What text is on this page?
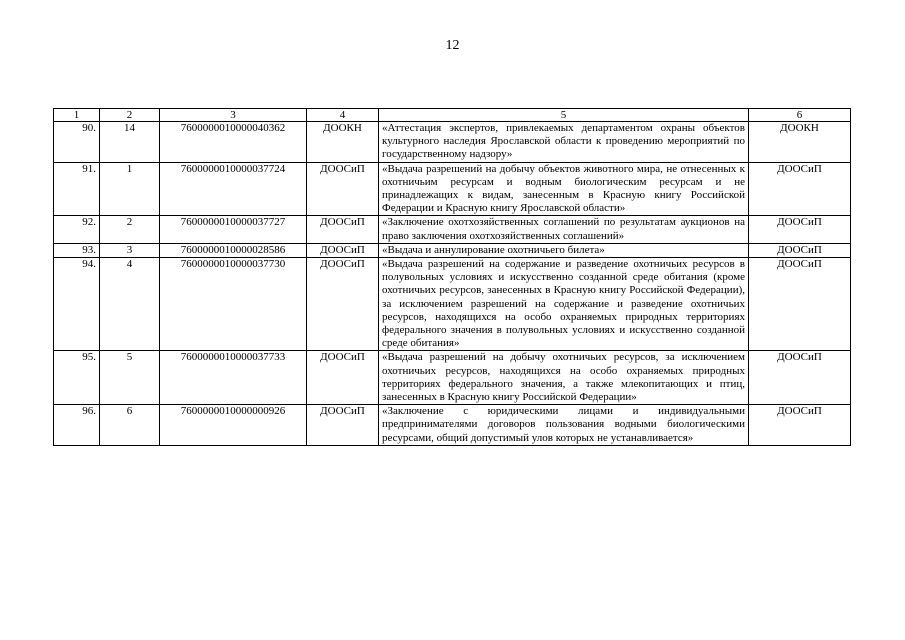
12
1	2	3	4	5	6
90.	14	7600000010000040362	ДООКН	«Аттестация экспертов, привлекаемых департаментом охраны объектов культурного наследия Ярославской области к проведению мероприятий по государственному надзору»	ДООКН
91.	1	7600000010000037724	ДООСиП	«Выдача разрешений на добычу объектов животного мира, не отнесенных к охотничьим ресурсам и водным биологическим ресурсам и не принадлежащих к видам, занесенным в Красную книгу Российской Федерации и Красную книгу Ярославской области»	ДООСиП
92.	2	7600000010000037727	ДООСиП	«Заключение охотхозяйственных соглашений по результатам аукционов на право заключения охотхозяйственных соглашений»	ДООСиП
93.	3	7600000010000028586	ДООСиП	«Выдача и аннулирование охотничьего билета»	ДООСиП
94.	4	7600000010000037730	ДООСиП	«Выдача разрешений на содержание и разведение охотничьих ресурсов в полувольных условиях и искусственно созданной среде обитания (кроме охотничьих ресурсов, занесенных в Красную книгу Российской Федерации), за исключением разрешений на содержание и разведение охотничьих ресурсов, находящихся на особо охраняемых природных территориях федерального значения в полувольных условиях и искусственно созданной среде обитания»	ДООСиП
95.	5	7600000010000037733	ДООСиП	«Выдача разрешений на добычу охотничьих ресурсов, за исключением охотничьих ресурсов, находящихся на особо охраняемых природных территориях федерального значения, а также млекопитающих и птиц, занесенных в Красную книгу Российской Федерации»	ДООСиП
96.	6	7600000010000000926	ДООСиП	«Заключение с юридическими лицами и индивидуальными предпринимателями договоров пользования водными биологическими ресурсами, общий допустимый улов которых не устанавливается»	ДООСиП
